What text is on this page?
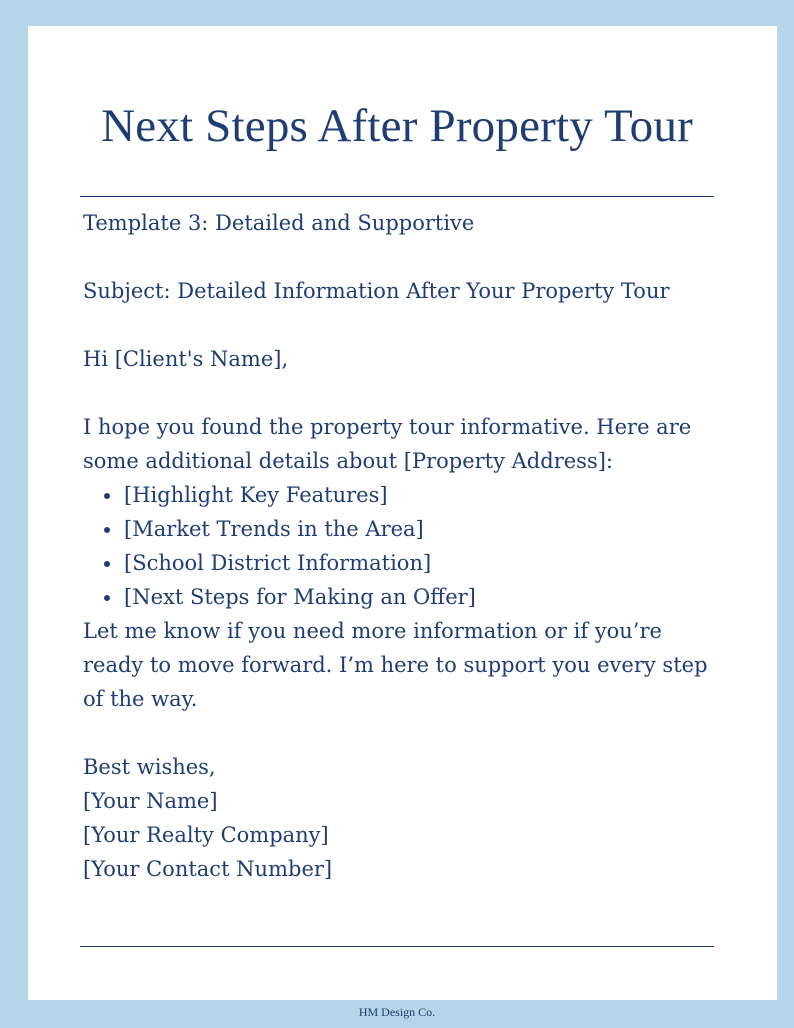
Next Steps After Property Tour

Template 3: Detailed and Supportive

Subject: Detailed Information After Your Property Tour

Hi [Client's Name],

I hope you found the property tour informative. Here are some additional details about [Property Address]:

[Highlight Key Features]
[Market Trends in the Area]
[School District Information]
[Next Steps for Making an Offer]

Let me know if you need more information or if you’re ready to move forward. I’m here to support you every step of the way.

Best wishes,

[Your Name]

[Your Realty Company]

[Your Contact Number]

HM Design Co.
